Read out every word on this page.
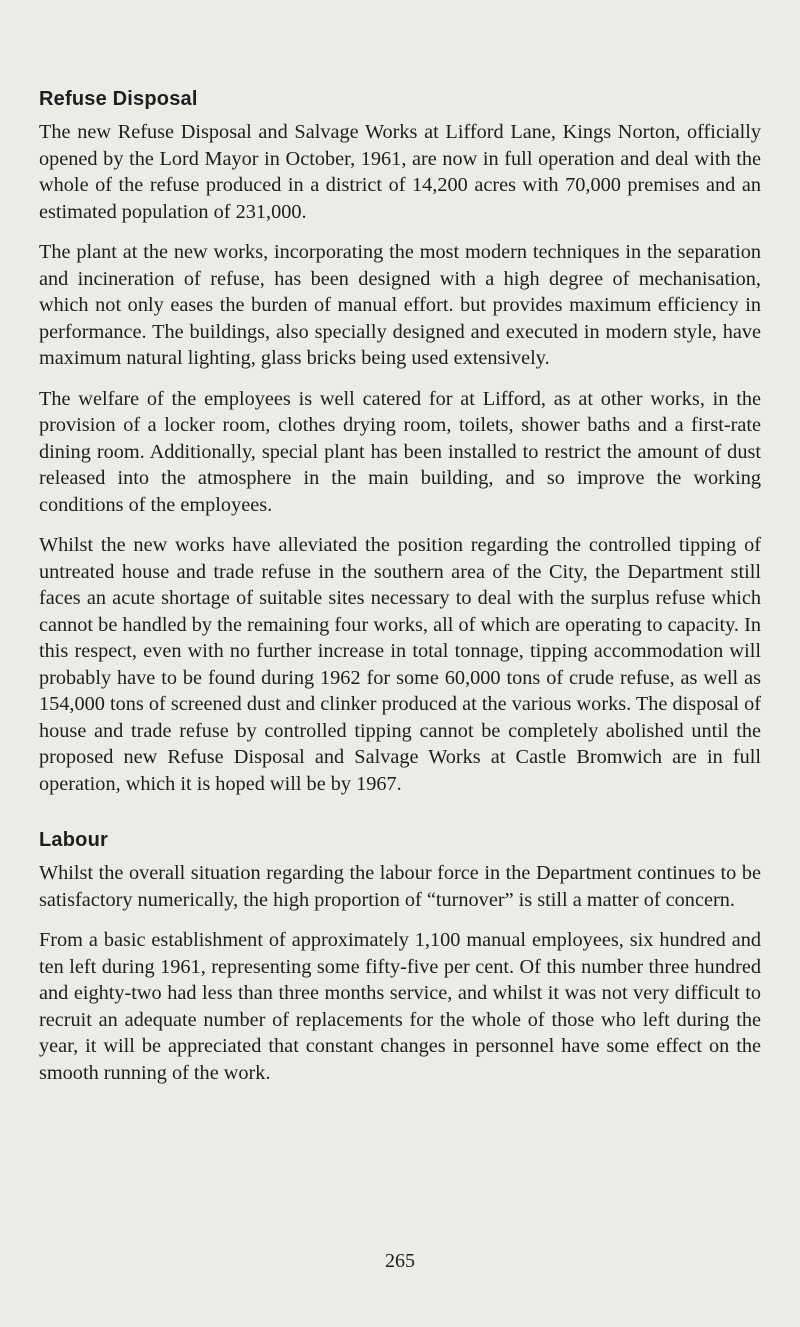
Refuse Disposal

The new Refuse Disposal and Salvage Works at Lifford Lane, Kings Norton, officially opened by the Lord Mayor in October, 1961, are now in full operation and deal with the whole of the refuse produced in a district of 14,200 acres with 70,000 premises and an estimated population of 231,000.

The plant at the new works, incorporating the most modern techniques in the separation and incineration of refuse, has been designed with a high degree of mechanisation, which not only eases the burden of manual effort. but provides maximum efficiency in performance. The buildings, also specially designed and executed in modern style, have maximum natural lighting, glass bricks being used extensively.

The welfare of the employees is well catered for at Lifford, as at other works, in the provision of a locker room, clothes drying room, toilets, shower baths and a first-rate dining room. Additionally, special plant has been installed to restrict the amount of dust released into the atmosphere in the main building, and so improve the working conditions of the employees.

Whilst the new works have alleviated the position regarding the controlled tipping of untreated house and trade refuse in the southern area of the City, the Department still faces an acute shortage of suitable sites necessary to deal with the surplus refuse which cannot be handled by the remaining four works, all of which are operating to capacity. In this respect, even with no further increase in total tonnage, tipping accommodation will probably have to be found during 1962 for some 60,000 tons of crude refuse, as well as 154,000 tons of screened dust and clinker produced at the various works. The disposal of house and trade refuse by controlled tipping cannot be completely abolished until the proposed new Refuse Disposal and Salvage Works at Castle Bromwich are in full operation, which it is hoped will be by 1967.

Labour

Whilst the overall situation regarding the labour force in the Department continues to be satisfactory numerically, the high proportion of “turnover” is still a matter of concern.

From a basic establishment of approximately 1,100 manual employees, six hundred and ten left during 1961, representing some fifty-five per cent. Of this number three hundred and eighty-two had less than three months service, and whilst it was not very difficult to recruit an adequate number of replacements for the whole of those who left during the year, it will be appreciated that constant changes in personnel have some effect on the smooth running of the work.

265
